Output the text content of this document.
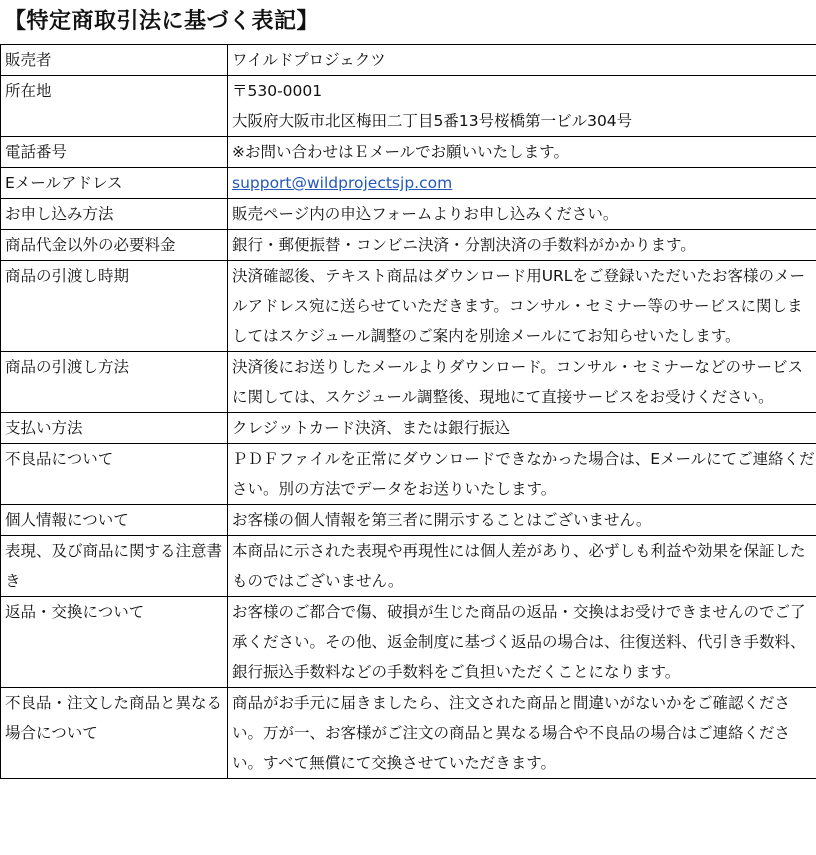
【特定商取引法に基づく表記】
販売者	ワイルドプロジェクツ
所在地	〒530-0001
大阪府大阪市北区梅田二丁目5番13号桜橋第一ビル304号

電話番号	※お問い合わせはＥメールでお願いいたします。
Eメールアドレス	support@wildprojectsjp.com
お申し込み方法	販売ページ内の申込フォームよりお申し込みください。
商品代金以外の必要料金	銀行・郵便振替・コンビニ決済・分割決済の手数料がかかります。
商品の引渡し時期	決済確認後、テキスト商品はダウンロード用URLをご登録いただいたお客様のメールアドレス宛に送らせていただきます。コンサル・セミナー等のサービスに関しましてはスケジュール調整のご案内を別途メールにてお知らせいたします。
商品の引渡し方法	決済後にお送りしたメールよりダウンロード。コンサル・セミナーなどのサービスに関しては、スケジュール調整後、現地にて直接サービスをお受けください。
支払い方法	クレジットカード決済、または銀行振込
不良品について	ＰＤＦファイルを正常にダウンロードできなかった場合は、Eメールにてご連絡ください。別の方法でデータをお送りいたします。
個人情報について	お客様の個人情報を第三者に開示することはございません。
表現、及び商品に関する注意書き	本商品に示された表現や再現性には個人差があり、必ずしも利益や効果を保証したものではございません。
返品・交換について	お客様のご都合で傷、破損が生じた商品の返品・交換はお受けできませんのでご了承ください。その他、返金制度に基づく返品の場合は、往復送料、代引き手数料、銀行振込手数料などの手数料をご負担いただくことになります。
不良品・注文した商品と異なる場合について	商品がお手元に届きましたら、注文された商品と間違いがないかをご確認ください。万が一、お客様がご注文の商品と異なる場合や不良品の場合はご連絡ください。すべて無償にて交換させていただきます。
